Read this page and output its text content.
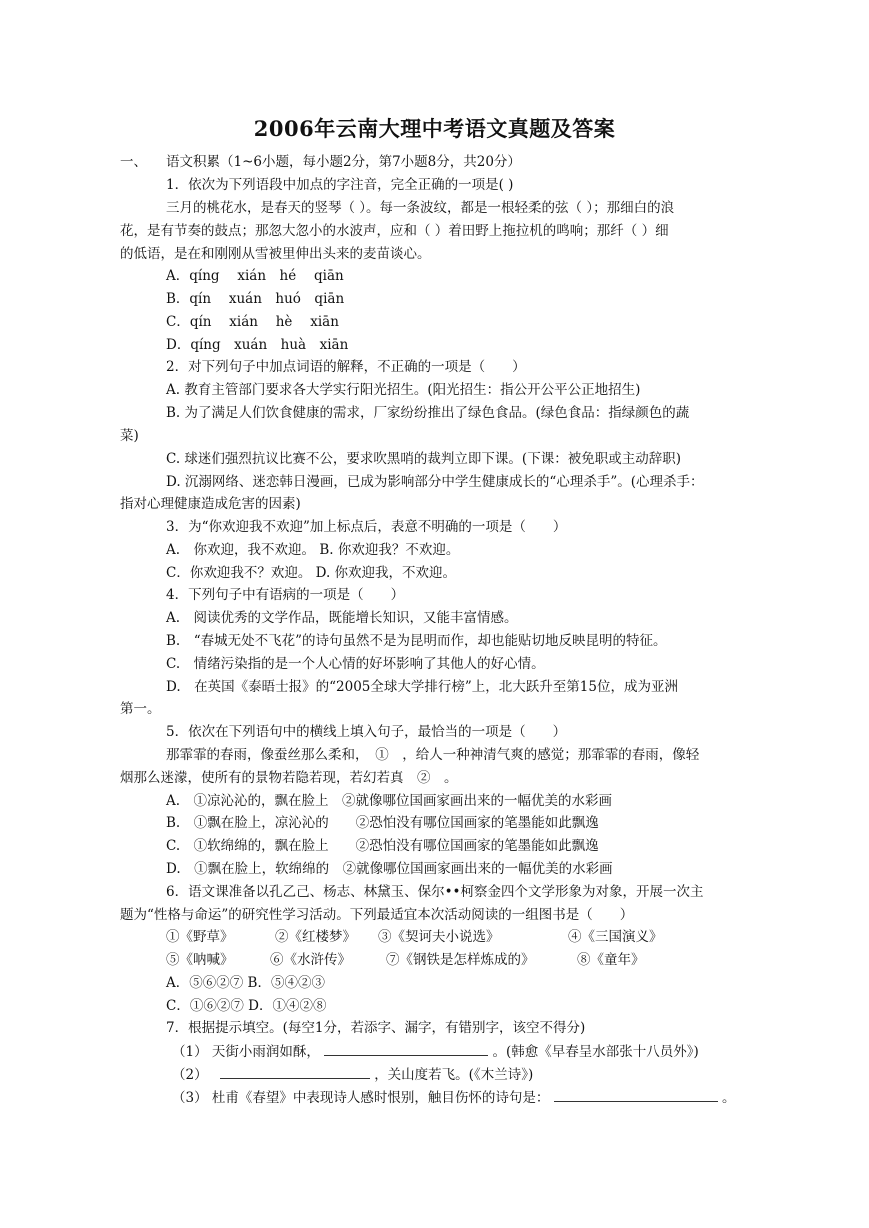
2006年云南大理中考语文真题及答案
一、 语文积累（1~6小题，每小题2分，第7小题8分，共20分）
1．依次为下列语段中加点的字注音，完全正确的一项是( )
三月的桃花水，是春天的竖琴（ ）。每一条波纹，都是一根轻柔的弦（ ）；那细白的浪
花，是有节奏的鼓点；那忽大忽小的水波声，应和（ ）着田野上拖拉机的鸣响；那纤（ ）细
的低语，是在和刚刚从雪被里伸出头来的麦苗谈心。
A．qíng　 xián　hé　 qiān
B．qín　 xuán　huó　qiān
C．qín　 xián　 hè　 xiān
D．qíng　xuán　huà　xiān
2．对下列句子中加点词语的解释，不正确的一项是（　　）
A. 教育主管部门要求各大学实行阳光招生。(阳光招生：指公开公平公正地招生)
B. 为了满足人们饮食健康的需求，厂家纷纷推出了绿色食品。(绿色食品：指绿颜色的蔬
菜)
C. 球迷们强烈抗议比赛不公，要求吹黑哨的裁判立即下课。(下课：被免职或主动辞职)
D. 沉溺网络、迷恋韩日漫画，已成为影响部分中学生健康成长的“心理杀手”。(心理杀手：
指对心理健康造成危害的因素)
3．为“你欢迎我不欢迎”加上标点后，表意不明确的一项是（　　）
A.　你欢迎，我不欢迎。 B. 你欢迎我？不欢迎。
C．你欢迎我不？欢迎。 D. 你欢迎我，不欢迎。
4．下列句子中有语病的一项是（　　）
A.　阅读优秀的文学作品，既能增长知识，又能丰富情感。
B.　“春城无处不飞花”的诗句虽然不是为昆明而作，却也能贴切地反映昆明的特征。
C.　情绪污染指的是一个人心情的好坏影响了其他人的好心情。
D.　在英国《泰晤士报》的“2005全球大学排行榜”上，北大跃升至第15位，成为亚洲
第一。
5．依次在下列语句中的横线上填入句子，最恰当的一项是（　　）
那霏霏的春雨，像蚕丝那么柔和，　①　，给人一种神清气爽的感觉；那霏霏的春雨，像轻
烟那么迷濛，使所有的景物若隐若现，若幻若真　②　。
A.　①凉沁沁的，飘在脸上　②就像哪位国画家画出来的一幅优美的水彩画
B.　①飘在脸上，凉沁沁的　　②恐怕没有哪位国画家的笔墨能如此飘逸
C.　①软绵绵的，飘在脸上　　②恐怕没有哪位国画家的笔墨能如此飘逸
D.　①飘在脸上，软绵绵的　②就像哪位国画家画出来的一幅优美的水彩画
6．语文课准备以孔乙己、杨志、林黛玉、保尔••柯察金四个文学形象为对象，开展一次主
题为“性格与命运”的研究性学习活动。下列最适宜本次活动阅读的一组图书是（　　）
①《野草》	②《红楼梦》 ③《契诃夫小说选》	④《三国演义》
⑤《呐喊》	⑥《水浒传》	⑦《钢铁是怎样炼成的》	⑧《童年》
A．⑤⑥②⑦ B．⑤④②③
C．①⑥②⑦ D．①④②⑧
7．根据提示填空。(每空1分，若添字、漏字，有错别字，该空不得分)
（1） 天街小雨润如酥，	。(韩愈《早春呈水部张十八员外》)
（2）	，关山度若飞。(《木兰诗》)
（3） 杜甫《春望》中表现诗人感时恨别，触目伤怀的诗句是：	。
